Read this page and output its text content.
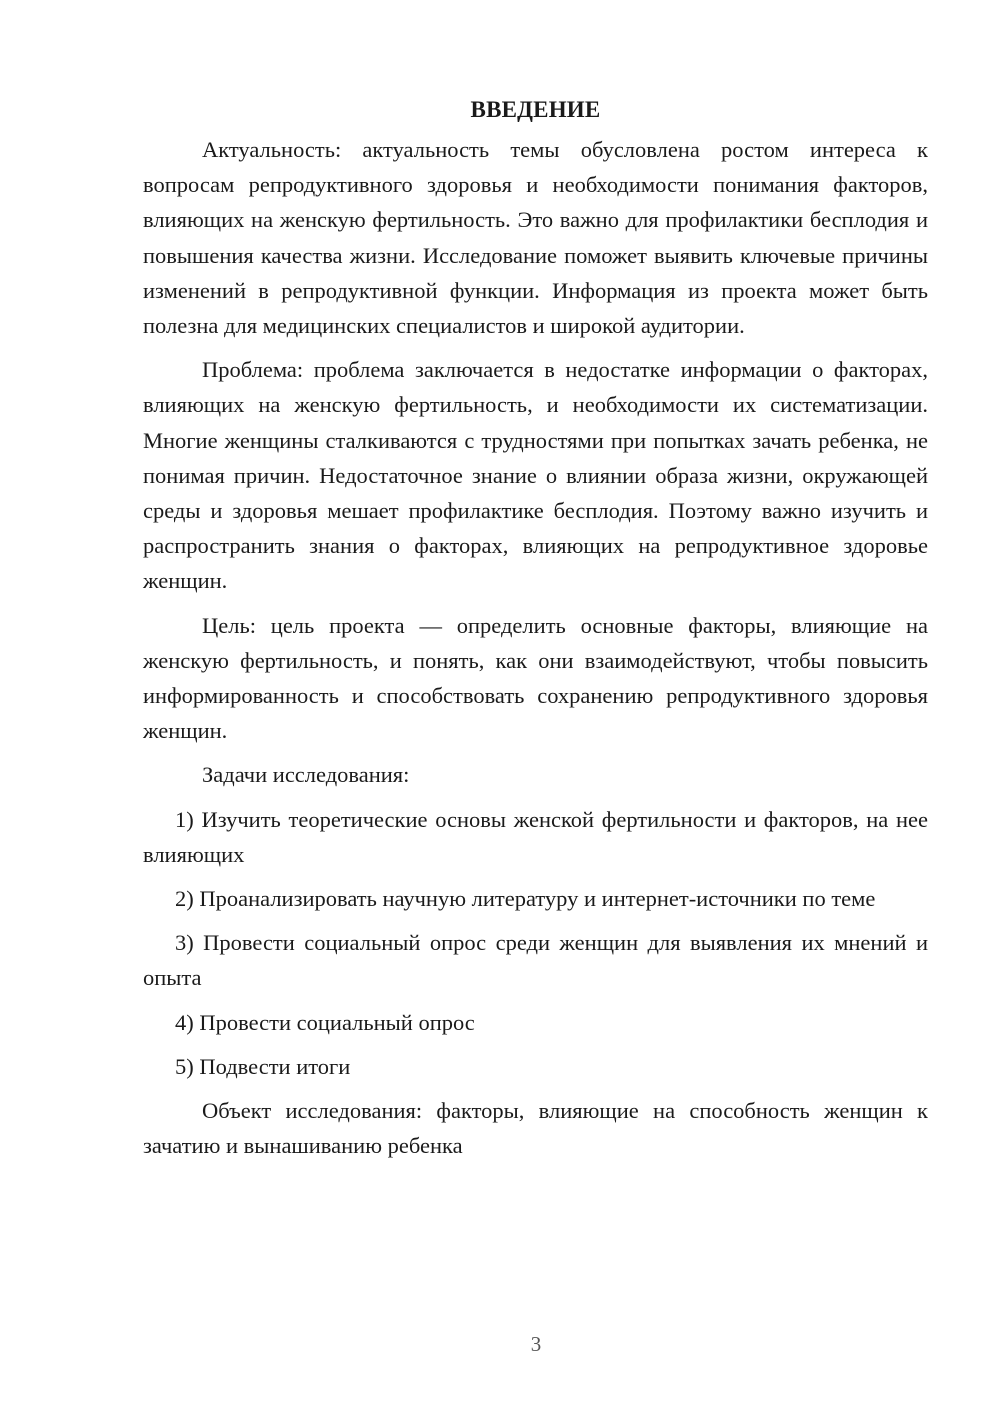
ВВЕДЕНИЕ

Актуальность: актуальность темы обусловлена ростом интереса к вопросам репродуктивного здоровья и необходимости понимания факторов, влияющих на женскую фертильность. Это важно для профилактики бесплодия и повышения качества жизни. Исследование поможет выявить ключевые причины изменений в репродуктивной функции. Информация из проекта может быть полезна для медицинских специалистов и широкой аудитории.

Проблема: проблема заключается в недостатке информации о факторах, влияющих на женскую фертильность, и необходимости их систематизации. Многие женщины сталкиваются с трудностями при попытках зачать ребенка, не понимая причин. Недостаточное знание о влиянии образа жизни, окружающей среды и здоровья мешает профилактике бесплодия. Поэтому важно изучить и распространить знания о факторах, влияющих на репродуктивное здоровье женщин.

Цель: цель проекта — определить основные факторы, влияющие на женскую фертильность, и понять, как они взаимодействуют, чтобы повысить информированность и способствовать сохранению репродуктивного здоровья женщин.

Задачи исследования:

1) Изучить теоретические основы женской фертильности и факторов, на нее влияющих

2) Проанализировать научную литературу и интернет-источники по теме

3) Провести социальный опрос среди женщин для выявления их мнений и опыта

4) Провести социальный опрос

5) Подвести итоги

Объект исследования: факторы, влияющие на способность женщин к зачатию и вынашиванию ребенка

3
